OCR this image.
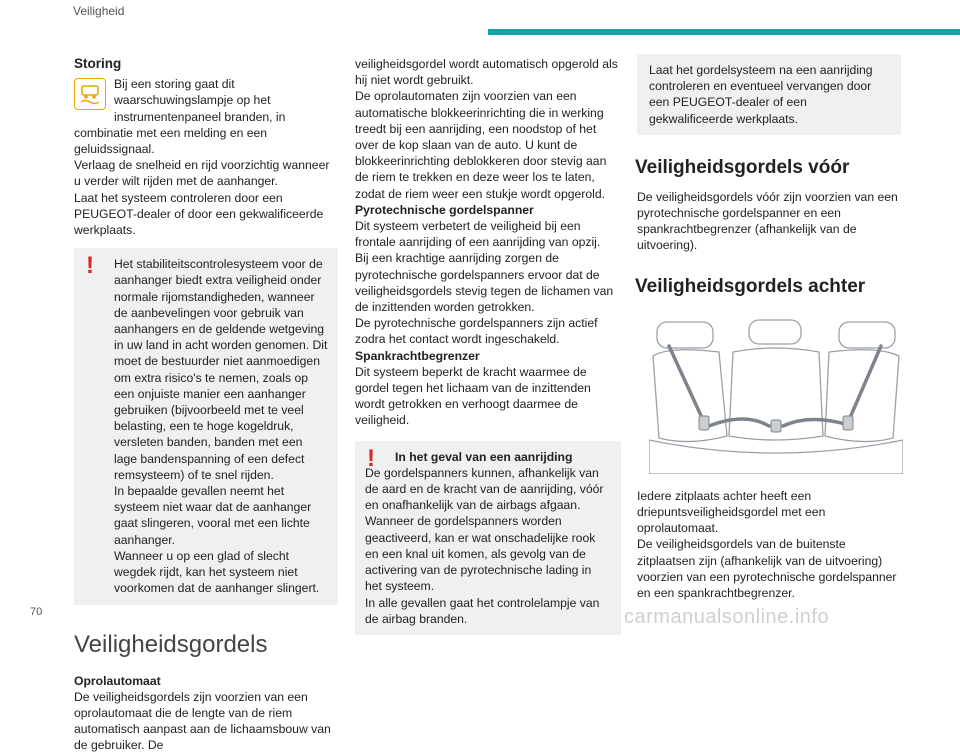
Veiligheid
Storing

Bij een storing gaat dit waarschuwingslampje op het instrumentenpaneel branden, in combinatie met een melding en een geluidssignaal.

Verlaag de snelheid en rijd voorzichtig wanneer u verder wilt rijden met de aanhanger.

Laat het systeem controleren door een PEUGEOT-dealer of door een gekwalificeerde werkplaats.

! Het stabiliteitscontrolesysteem voor de aanhanger biedt extra veiligheid onder normale rijomstandigheden, wanneer de aanbevelingen voor gebruik van aanhangers en de geldende wetgeving in uw land in acht worden genomen. Dit moet de bestuurder niet aanmoedigen om extra risico's te nemen, zoals op een onjuiste manier een aanhanger gebruiken (bijvoorbeeld met te veel belasting, een te hoge kogeldruk, versleten banden, banden met een lage bandenspanning of een defect remsysteem) of te snel rijden.

In bepaalde gevallen neemt het systeem niet waar dat de aanhanger gaat slingeren, vooral met een lichte aanhanger.

Wanneer u op een glad of slecht wegdek rijdt, kan het systeem niet voorkomen dat de aanhanger slingert.

Veiligheidsgordels
Oprolautomaat

De veiligheidsgordels zijn voorzien van een oprolautomaat die de lengte van de riem automatisch aanpast aan de lichaamsbouw van de gebruiker. De

veiligheidsgordel wordt automatisch opgerold als hij niet wordt gebruikt.

De oprolautomaten zijn voorzien van een automatische blokkeerinrichting die in werking treedt bij een aanrijding, een noodstop of het over de kop slaan van de auto. U kunt de blokkeerinrichting deblokkeren door stevig aan de riem te trekken en deze weer los te laten, zodat de riem weer een stukje wordt opgerold.

Pyrotechnische gordelspanner

Dit systeem verbetert de veiligheid bij een frontale aanrijding of een aanrijding van opzij.

Bij een krachtige aanrijding zorgen de pyrotechnische gordelspanners ervoor dat de veiligheidsgordels stevig tegen de lichamen van de inzittenden worden getrokken.

De pyrotechnische gordelspanners zijn actief zodra het contact wordt ingeschakeld.

Spankrachtbegrenzer

Dit systeem beperkt de kracht waarmee de gordel tegen het lichaam van de inzittenden wordt getrokken en verhoogt daarmee de veiligheid.

!	In het geval van een aanrijding

De gordelspanners kunnen, afhankelijk van de aard en de kracht van de aanrijding, vóór en onafhankelijk van de airbags afgaan. Wanneer de gordelspanners worden geactiveerd, kan er wat onschadelijke rook en een knal uit komen, als gevolg van de activering van de pyrotechnische lading in het systeem.

In alle gevallen gaat het controlelampje van de airbag branden.

Laat het gordelsysteem na een aanrijding controleren en eventueel vervangen door een PEUGEOT-dealer of een gekwalificeerde werkplaats.

Veiligheidsgordels vóór

De veiligheidsgordels vóór zijn voorzien van een pyrotechnische gordelspanner en een spankrachtbegrenzer (afhankelijk van de uitvoering).

Veiligheidsgordels achter

Iedere zitplaats achter heeft een driepuntsveiligheidsgordel met een oprolautomaat.

De veiligheidsgordels van de buitenste zitplaatsen zijn (afhankelijk van de uitvoering) voorzien van een pyrotechnische gordelspanner en een spankrachtbegrenzer.

70	carmanualsonline.info
